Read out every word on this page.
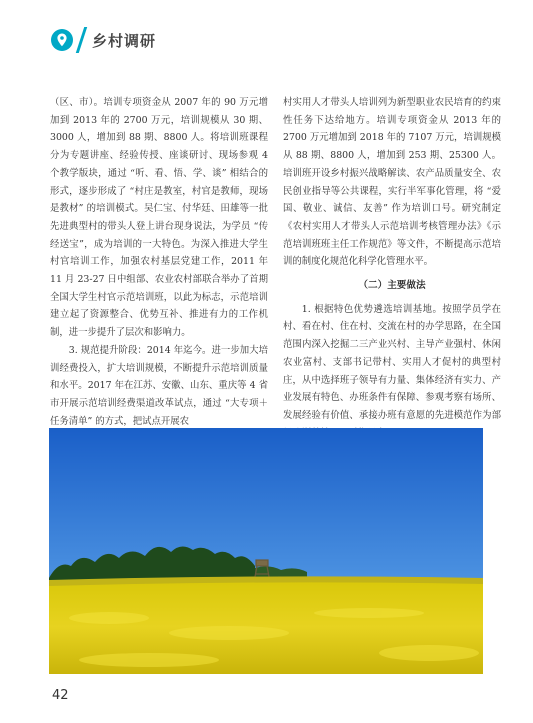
乡村调研

（区、市）。培训专项资金从 2007 年的 90 万元增加到 2013 年的 2700 万元，培训规模从 30 期、3000 人，增加到 88 期、8800 人。将培训班课程分为专题讲座、经验传授、座谈研讨、现场参观 4 个教学版块，通过 “听、看、悟、学、谈” 相结合的形式，逐步形成了 “村庄是教室，村官是教师，现场是教材” 的培训模式。吴仁宝、付华廷、田雄等一批先进典型村的带头人登上讲台现身说法，为学员 “传经送宝”，成为培训的一大特色。为深入推进大学生村官培训工作，加强农村基层党建工作，2011 年 11 月 23-27 日中组部、农业农村部联合举办了首期全国大学生村官示范培训班，以此为标志，示范培训建立起了资源整合、优势互补、推进有力的工作机制，进一步提升了层次和影响力。

3. 规范提升阶段：2014 年迄今。进一步加大培训经费投入，扩大培训规模，不断提升示范培训质量和水平。2017 年在江苏、安徽、山东、重庆等 4 省市开展示范培训经费渠道改革试点，通过 “大专项＋任务清单” 的方式，把试点开展农

村实用人才带头人培训列为新型职业农民培育的约束性任务下达给地方。培训专项资金从 2013 年的 2700 万元增加到 2018 年的 7107 万元，培训规模从 88 期、8800 人，增加到 253 期、25300 人。培训班开设乡村振兴战略解读、农产品质量安全、农民创业指导等公共课程，实行半军事化管理，将 “爱国、敬业、诚信、友善” 作为培训口号。研究制定《农村实用人才带头人示范培训考核管理办法》《示范培训班班主任工作规范》等文件，不断提高示范培训的制度化规范化科学化管理水平。

（二）主要做法

1. 根据特色优势遴选培训基地。按照学员学在村、看在村、住在村、交流在村的办学思路，在全国范围内深入挖掘二三产业兴村、主导产业强村、休闲农业富村、支部书记带村、实用人才促村的典型村庄，从中选择班子领导有力量、集体经济有实力、产业发展有特色、办班条件有保障、参观考察有场所、发展经验有价值、承接办班有意愿的先进模范作为部

42
